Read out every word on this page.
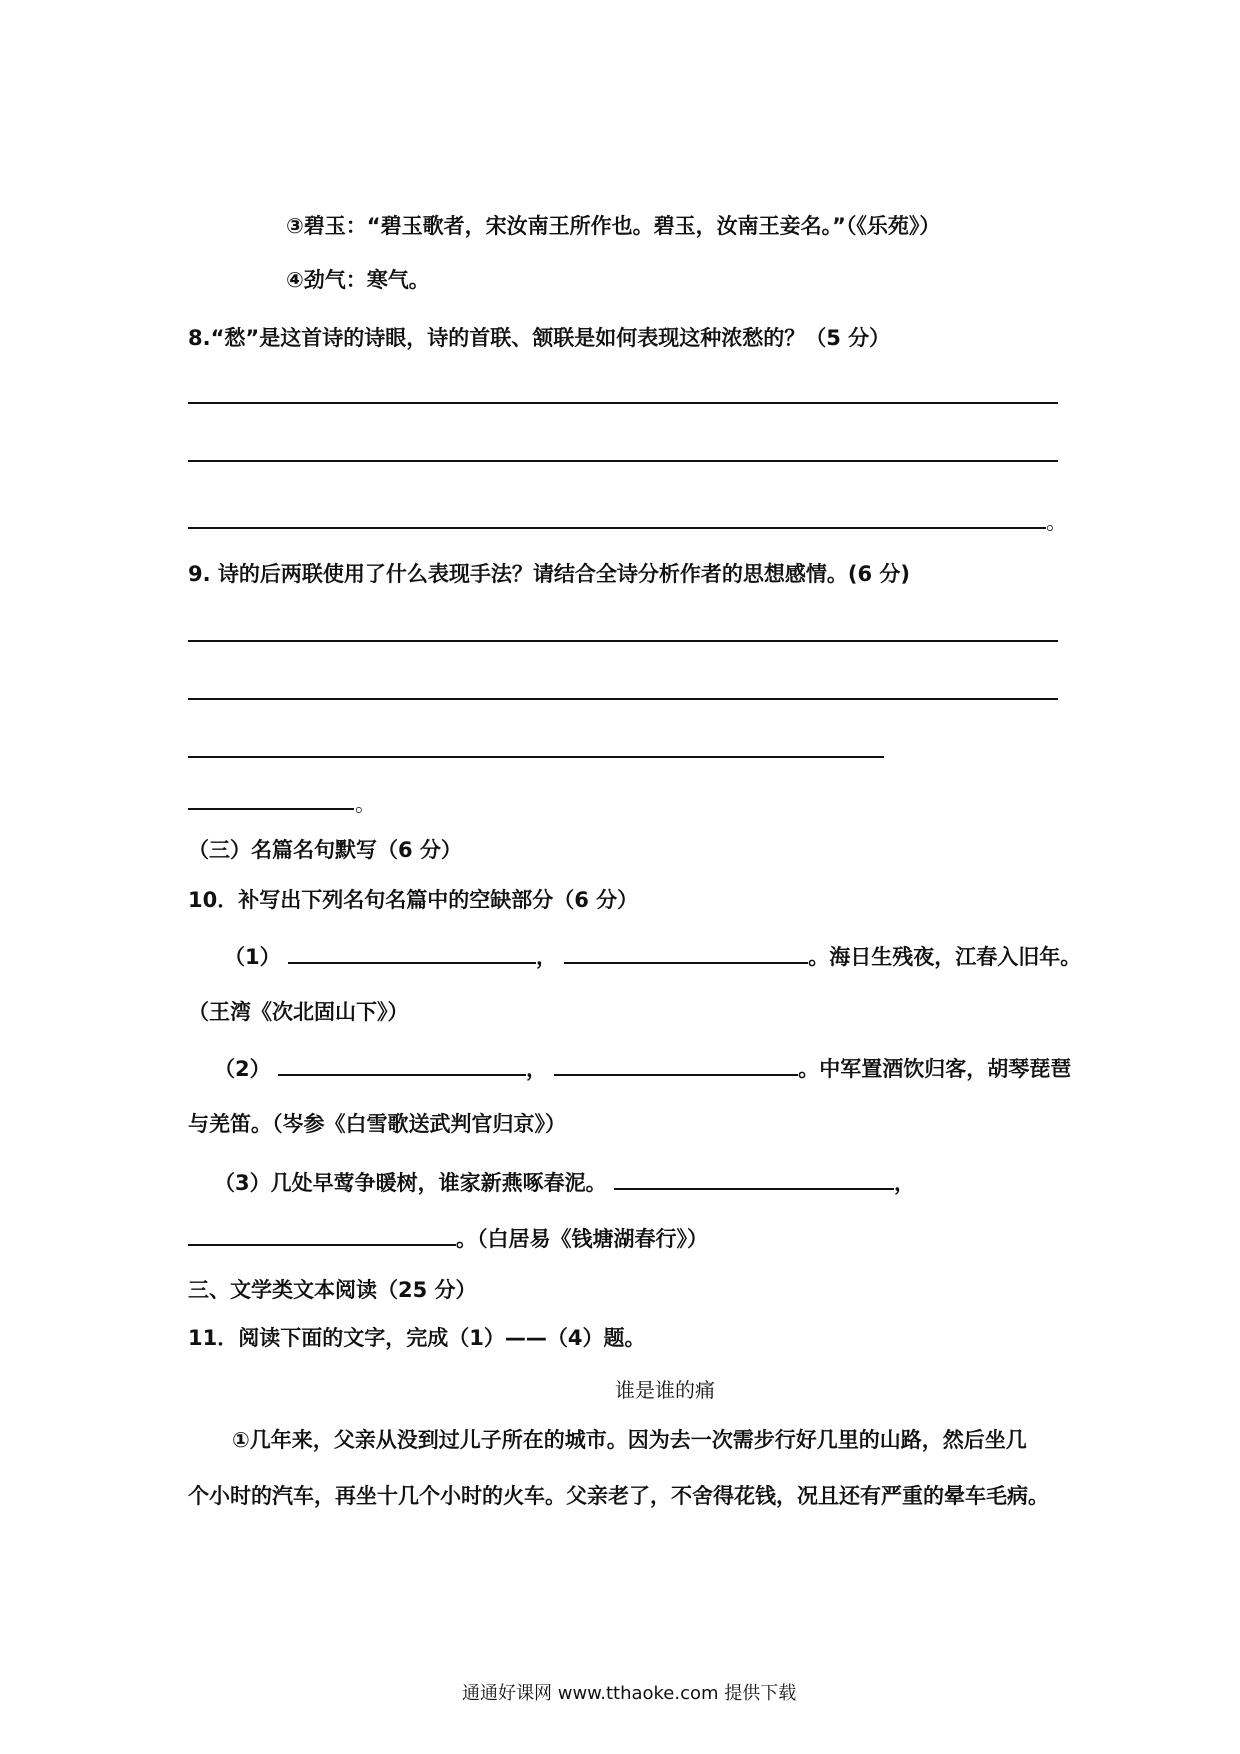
③碧玉：“碧玉歌者，宋汝南王所作也。碧玉，汝南王妾名。”（《乐苑》）
④劲气：寒气。
8.“愁”是这首诗的诗眼，诗的首联、颔联是如何表现这种浓愁的？（5 分）
。
9. 诗的后两联使用了什么表现手法？请结合全诗分析作者的思想感情。(6 分)
。
（三）名篇名句默写（6 分）
10．补写出下列名句名篇中的空缺部分（6 分）
（1）	，	。海日生残夜，江春入旧年。
（王湾《次北固山下》）
（2）	，	。中军置酒饮归客，胡琴琵琶
与羌笛。（岑参《白雪歌送武判官归京》）
（3）几处早莺争暖树，谁家新燕啄春泥。	，
。（白居易《钱塘湖春行》）
三、文学类文本阅读（25 分）
11．阅读下面的文字，完成（1）——（4）题。
谁是谁的痛
①几年来，父亲从没到过儿子所在的城市。因为去一次需步行好几里的山路，然后坐几
个小时的汽车，再坐十几个小时的火车。父亲老了，不舍得花钱，况且还有严重的晕车毛病。
通通好课网 www.tthaoke.com 提供下载
